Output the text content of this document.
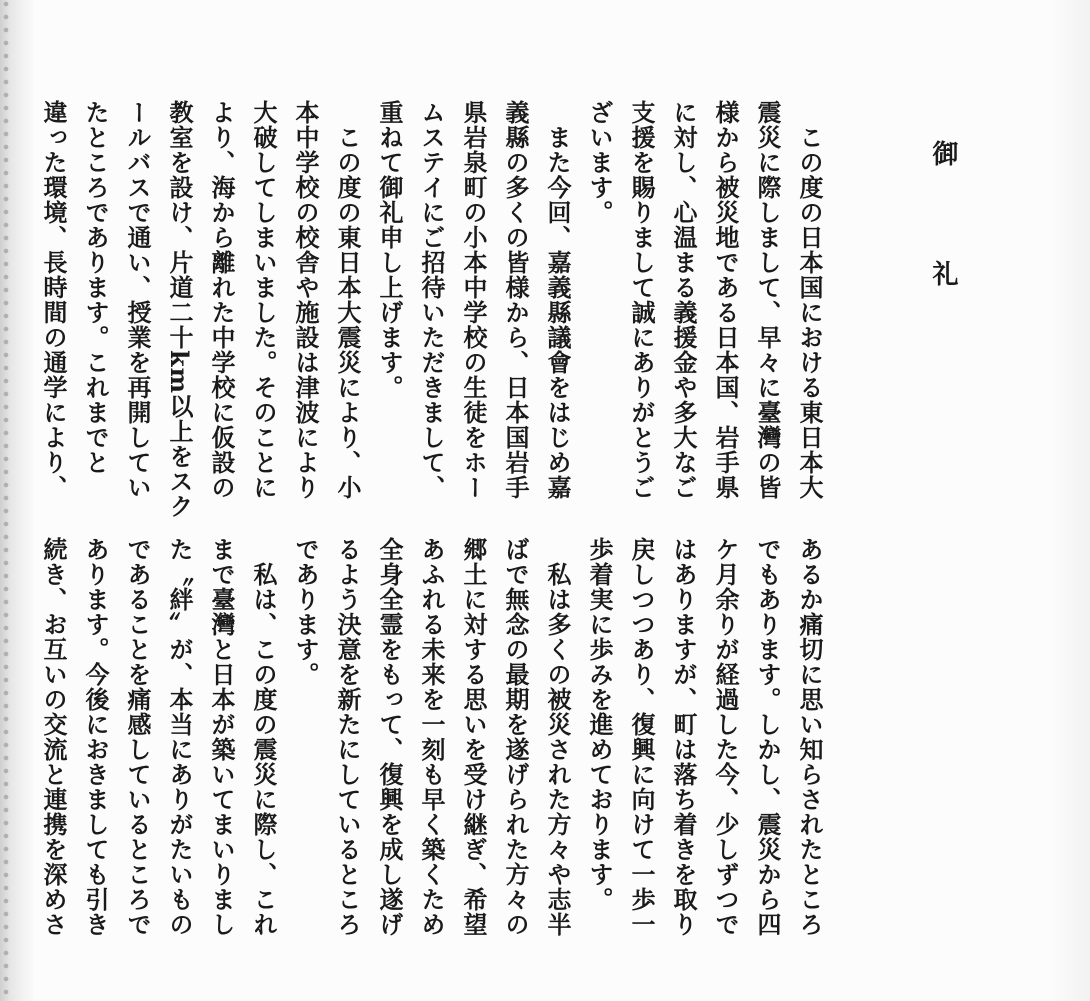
御　礼
　この度の日本国における東日本大
震災に際しまして、早々に臺灣の皆
様から被災地である日本国、岩手県
に対し、心温まる義援金や多大なご
支援を賜りまして誠にありがとうご
ざいます。
　また今回、嘉義縣議會をはじめ嘉
義縣の多くの皆様から、日本国岩手
県岩泉町の小本中学校の生徒をホー
ムステイにご招待いただきまして、
重ねて御礼申し上げます。
　この度の東日本大震災により、小
本中学校の校舎や施設は津波により
大破してしまいました。そのことに
より、海から離れた中学校に仮設の
教室を設け、片道二十km以上をスク
ールバスで通い、授業を再開してい
たところであります。これまでと
違った環境、長時間の通学により、
あるか痛切に思い知らされたところ
でもあります。しかし、震災から四
ケ月余りが経過した今、少しずつで
はありますが、町は落ち着きを取り
戻しつつあり、復興に向けて一歩一
歩着実に歩みを進めております。
　私は多くの被災された方々や志半
ばで無念の最期を遂げられた方々の
郷土に対する思いを受け継ぎ、希望
あふれる未来を一刻も早く築くため
全身全霊をもって、復興を成し遂げ
るよう決意を新たにしているところ
であります。
　私は、この度の震災に際し、これ
まで臺灣と日本が築いてまいりまし
た〝絆〟が、本当にありがたいもの
であることを痛感しているところで
あります。今後におきましても引き
続き、お互いの交流と連携を深めさ
